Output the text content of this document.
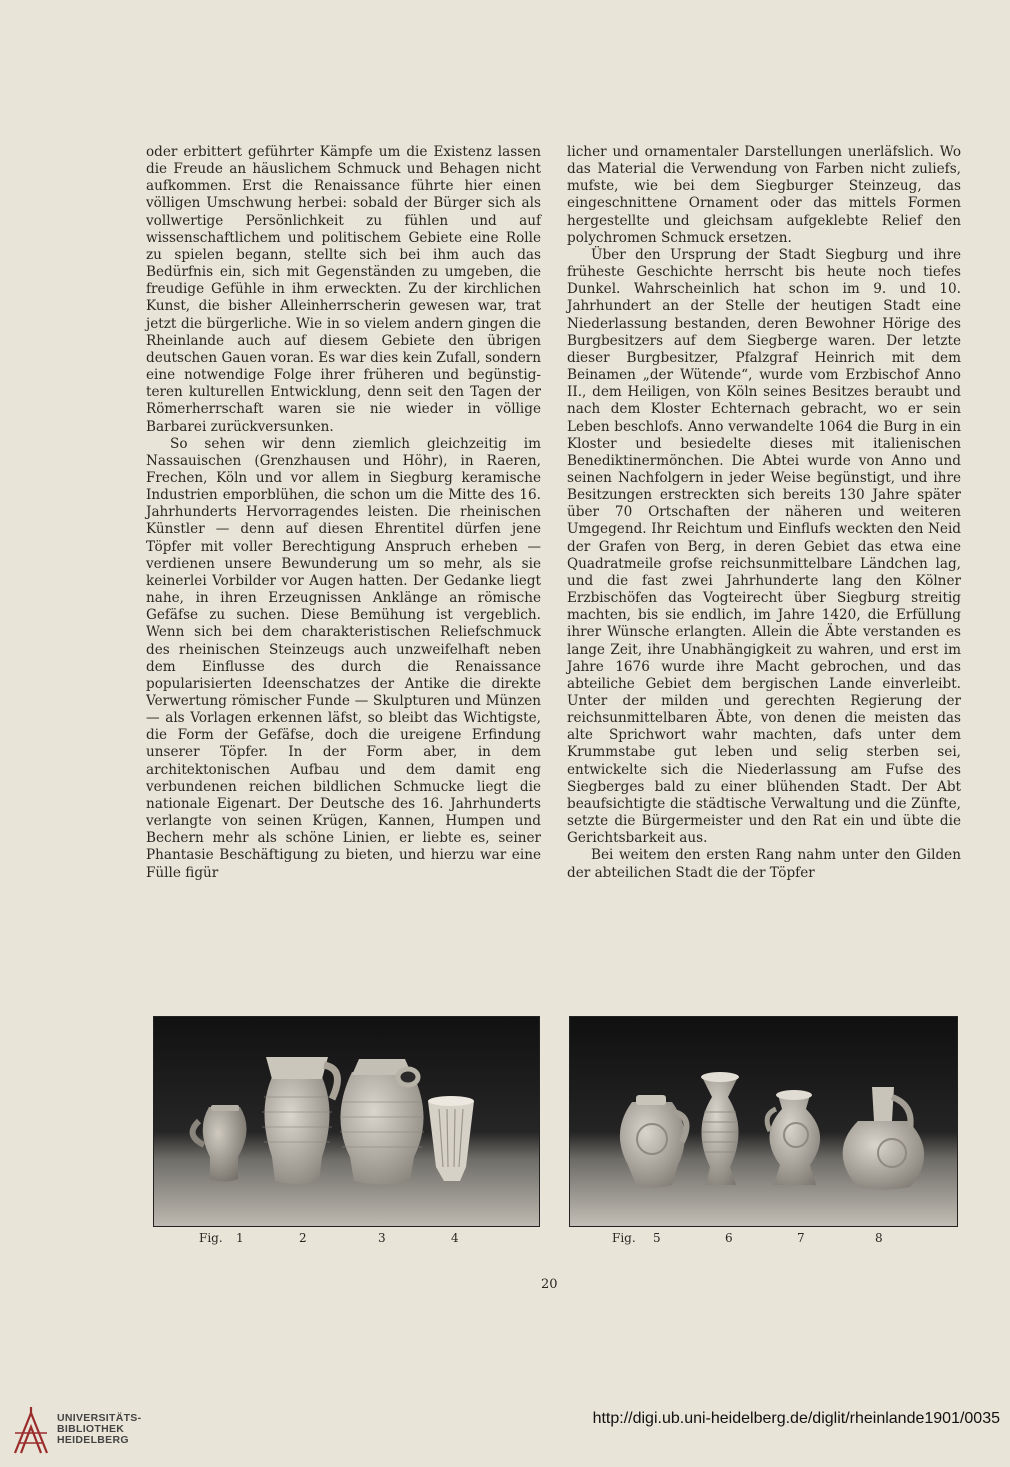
oder erbittert geführter Kämpfe um die Existenz lassen die Freude an häuslichem Schmuck und Behagen nicht aufkommen. Erst die Renaissance führte hier einen völligen Umschwung herbei: sobald der Bürger sich als vollwertige Persönlichkeit zu fühlen und auf wissenschaftlichem und politischem Gebiete eine Rolle zu spielen begann, stellte sich bei ihm auch das Bedürfnis ein, sich mit Gegenständen zu umgeben, die freudige Gefühle in ihm erweckten. Zu der kirchlichen Kunst, die bisher Alleinherrscherin gewesen war, trat jetzt die bürgerliche. Wie in so vielem andern gingen die Rheinlande auch auf diesem Gebiete den übrigen deutschen Gauen voran. Es war dies kein Zufall, sondern eine notwendige Folge ihrer früheren und begünstigteren kulturellen Entwicklung, denn seit den Tagen der Römerherrschaft waren sie nie wieder in völlige Barbarei zurückversunken.

So sehen wir denn ziemlich gleichzeitig im Nassauischen (Grenzhausen und Höhr), in Raeren, Frechen, Köln und vor allem in Siegburg keramische Industrien emporblühen, die schon um die Mitte des 16. Jahrhunderts Hervorragendes leisten. Die rheinischen Künstler — denn auf diesen Ehrentitel dürfen jene Töpfer mit voller Berechtigung Anspruch erheben — verdienen unsere Bewunderung um so mehr, als sie keinerlei Vorbilder vor Augen hatten. Der Gedanke liegt nahe, in ihren Erzeugnissen Anklänge an römische Gefäfse zu suchen. Diese Bemühung ist vergeblich. Wenn sich bei dem charakteristischen Reliefschmuck des rheinischen Steinzeugs auch unzweifelhaft neben dem Einflusse des durch die Renaissance popularisierten Ideenschatzes der Antike die direkte Verwertung römischer Funde — Skulpturen und Münzen — als Vorlagen erkennen läfst, so bleibt das Wichtigste, die Form der Gefäfse, doch die ureigene Erfindung unserer Töpfer. In der Form aber, in dem architektonischen Aufbau und dem damit eng verbundenen reichen bildlichen Schmucke liegt die nationale Eigenart. Der Deutsche des 16. Jahrhunderts verlangte von seinen Krügen, Kannen, Humpen und Bechern mehr als schöne Linien, er liebte es, seiner Phantasie Beschäftigung zu bieten, und hierzu war eine Fülle figür

licher und ornamentaler Darstellungen unerläfslich. Wo das Material die Verwendung von Farben nicht zuliefs, mufste, wie bei dem Siegburger Steinzeug, das eingeschnittene Ornament oder das mittels Formen hergestellte und gleichsam aufgeklebte Relief den polychromen Schmuck ersetzen.

Über den Ursprung der Stadt Siegburg und ihre früheste Geschichte herrscht bis heute noch tiefes Dunkel. Wahrscheinlich hat schon im 9. und 10. Jahrhundert an der Stelle der heutigen Stadt eine Niederlassung bestanden, deren Bewohner Hörige des Burgbesitzers auf dem Siegberge waren. Der letzte dieser Burgbesitzer, Pfalzgraf Heinrich mit dem Beinamen „der Wütende“, wurde vom Erzbischof Anno II., dem Heiligen, von Köln seines Besitzes beraubt und nach dem Kloster Echternach gebracht, wo er sein Leben beschlofs. Anno verwandelte 1064 die Burg in ein Kloster und besiedelte dieses mit italienischen Benediktinermönchen. Die Abtei wurde von Anno und seinen Nachfolgern in jeder Weise begünstigt, und ihre Besitzungen erstreckten sich bereits 130 Jahre später über 70 Ortschaften der näheren und weiteren Umgegend. Ihr Reichtum und Einflufs weckten den Neid der Grafen von Berg, in deren Gebiet das etwa eine Quadratmeile grofse reichsunmittelbare Ländchen lag, und die fast zwei Jahrhunderte lang den Kölner Erzbischöfen das Vogteirecht über Siegburg streitig machten, bis sie endlich, im Jahre 1420, die Erfüllung ihrer Wünsche erlangten. Allein die Äbte verstanden es lange Zeit, ihre Unabhängigkeit zu wahren, und erst im Jahre 1676 wurde ihre Macht gebrochen, und das abteiliche Gebiet dem bergischen Lande einverleibt. Unter der milden und gerechten Regierung der reichsunmittelbaren Äbte, von denen die meisten das alte Sprichwort wahr machten, dafs unter dem Krummstabe gut leben und selig sterben sei, entwickelte sich die Niederlassung am Fufse des Siegberges bald zu einer blühenden Stadt. Der Abt beaufsichtigte die städtische Verwaltung und die Zünfte, setzte die Bürgermeister und den Rat ein und übte die Gerichtsbarkeit aus.

Bei weitem den ersten Rang nahm unter den Gilden der abteilichen Stadt die der Töpfer

Fig. 1	2	3	4	Fig. 5	6	7	8
20
UNIVERSITÄTS-
BIBLIOTHEK
HEIDELBERG
http://digi.ub.uni-heidelberg.de/diglit/rheinlande1901/0035
